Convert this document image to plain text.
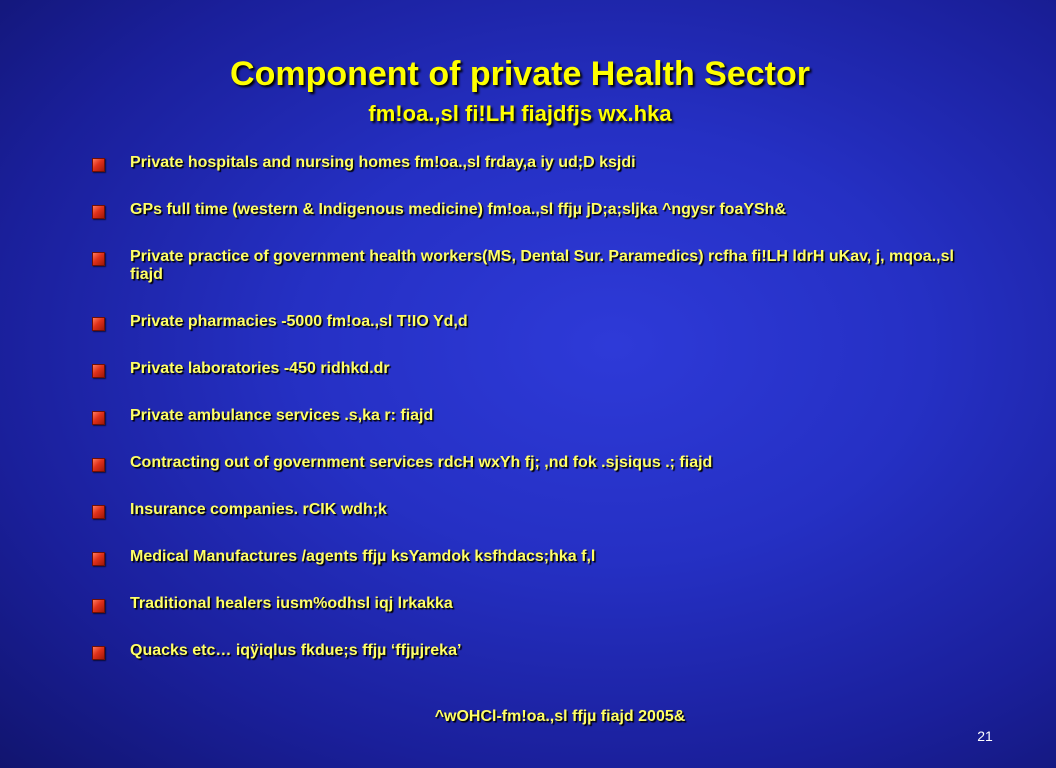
Component of private Health Sector
fm!oa.,sl fi!LH fiajdfjs wx.hka
Private hospitals and nursing homes fm!oa.,sl frday,a iy ud;D ksjdi
GPs full time (western & Indigenous medicine) fm!oa.,sl ffjµ jD;a;sljka ^ngysr foaYSh&
Private practice of government health workers(MS, Dental Sur. Paramedics) rcfha fi!LH ldrH uKav, j, mqoa.,sl fiajd
Private pharmacies -5000 fm!oa.,sl T!IO Yd,d
Private laboratories -450 ridhkd.dr
Private ambulance services .s,ka r: fiajd
Contracting out of government services rdcH wxYh fj; ,nd fok .sjsiqus .; fiajd
Insurance companies. rCIK wdh;k
Medical Manufactures /agents ffjµ ksYamdok ksfhdacs;hka f,l
Traditional healers iusm%odhsl iqj lrkakka
Quacks etc… iqÿiqlus fkdue;s ffjµ ‘ffjµjreka’
^wOHCl-fm!oa.,sl ffjµ fiajd 2005&
21
